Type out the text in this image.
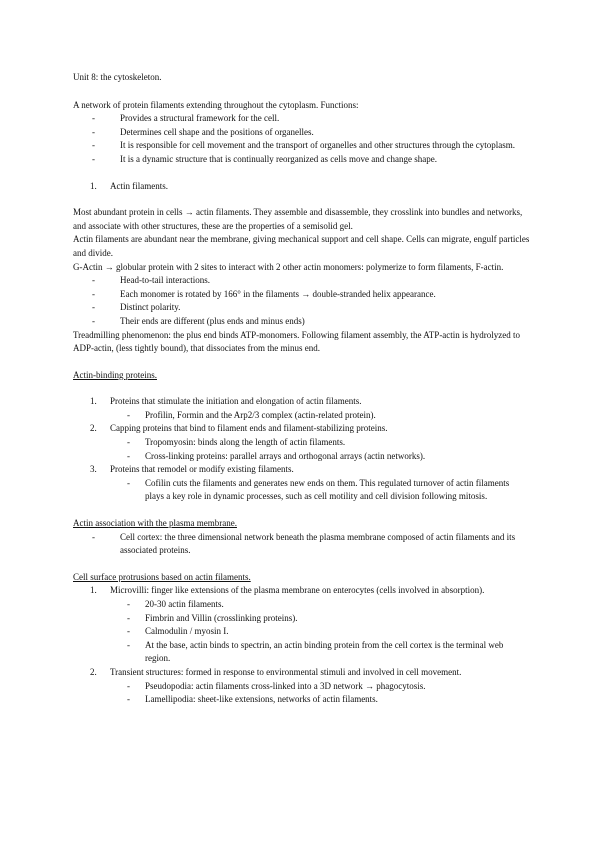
Unit 8: the cytoskeleton.

A network of protein filaments extending throughout the cytoplasm. Functions:

- Provides a structural framework for the cell.
- Determines cell shape and the positions of organelles.
- It is responsible for cell movement and the transport of organelles and other structures through the cytoplasm.
- It is a dynamic structure that is continually reorganized as cells move and change shape.
1. Actin filaments.

Most abundant protein in cells → actin filaments. They assemble and disassemble, they crosslink into bundles and networks, and associate with other structures, these are the properties of a semisolid gel.

Actin filaments are abundant near the membrane, giving mechanical support and cell shape. Cells can migrate, engulf particles and divide.

G-Actin → globular protein with 2 sites to interact with 2 other actin monomers: polymerize to form filaments, F-actin.

- Head-to-tail interactions.
- Each monomer is rotated by 166° in the filaments → double-stranded helix appearance.
- Distinct polarity.
- Their ends are different (plus ends and minus ends)

Treadmilling phenomenon: the plus end binds ATP-monomers. Following filament assembly, the ATP-actin is hydrolyzed to ADP-actin, (less tightly bound), that dissociates from the minus end.

Actin-binding proteins.

1. Proteins that stimulate the initiation and elongation of actin filaments.
- Profilin, Formin and the Arp2/3 complex (actin-related protein).
2. Capping proteins that bind to filament ends and filament-stabilizing proteins.
- Tropomyosin: binds along the length of actin filaments.
- Cross-linking proteins: parallel arrays and orthogonal arrays (actin networks).
3. Proteins that remodel or modify existing filaments.
- Cofilin cuts the filaments and generates new ends on them. This regulated turnover of actin filaments plays a key role in dynamic processes, such as cell motility and cell division following mitosis.

Actin association with the plasma membrane.

- Cell cortex: the three dimensional network beneath the plasma membrane composed of actin filaments and its associated proteins.

Cell surface protrusions based on actin filaments.

1. Microvilli: finger like extensions of the plasma membrane on enterocytes (cells involved in absorption).
- 20-30 actin filaments.
- Fimbrin and Villin (crosslinking proteins).
- Calmodulin / myosin I.
- At the base, actin binds to spectrin, an actin binding protein from the cell cortex is the terminal web region.
2. Transient structures: formed in response to environmental stimuli and involved in cell movement.
- Pseudopodia: actin filaments cross-linked into a 3D network → phagocytosis.
- Lamellipodia: sheet-like extensions, networks of actin filaments.
